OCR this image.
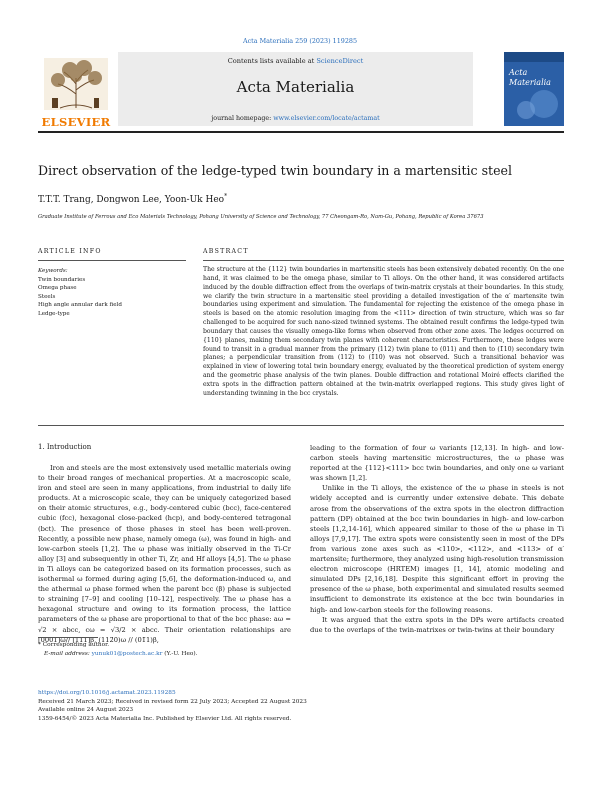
Acta Materialia 259 (2023) 119285
ELSEVIER
Contents lists available at ScienceDirect
Acta Materialia
journal homepage: www.elsevier.com/locate/actamat
Acta
Materialia
Direct observation of the ledge-typed twin boundary in a martensitic steel
T.T.T. Trang, Dongwon Lee, Yoon-Uk Heo*
Graduate Institute of Ferrous and Eco Materials Technology, Pohang University of Science and Technology, 77 Cheongam-Ro, Nam-Gu, Pohang, Republic of Korea 37673
ARTICLE INFO	ABSTRACT
Keywords:
Twin boundaries
Omega phase
Steels
High angle annular dark field
Ledge-type
The structure at the {112} twin boundaries in martensitic steels has been extensively debated recently. On the one hand, it was claimed to be the omega phase, similar to Ti alloys. On the other hand, it was considered artifacts induced by the double diffraction effect from the overlaps of twin-matrix crystals at their boundaries. In this study, we clarify the twin structure in a martensitic steel providing a detailed investigation of the α′ martensite twin boundaries using experiment and simulation. The fundamental for rejecting the existence of the omega phase in steels is based on the atomic resolution imaging from the <111> direction of twin structure, which was so far challenged to be acquired for such nano-sized twinned systems. The obtained result confirms the ledge-typed twin boundary that causes the visually omega-like forms when observed from other zone axes. The ledges occurred on {110} planes, making them secondary twin planes with coherent characteristics. Furthermore, these ledges were found to transit in a gradual manner from the primary (112) twin plane to (011) and then to (1̄10) secondary twin planes; a perpendicular transition from (112) to (1̄10) was not observed. Such a transitional behavior was explained in view of lowering total twin boundary energy, evaluated by the theoretical prediction of system energy and the geometric phase analysis of the twin planes. Double diffraction and rotational Moiré effects clarified the extra spots in the diffraction pattern obtained at the twin-matrix overlapped regions. This study gives light of understanding twinning in the bcc crystals.
1. Introduction

Iron and steels are the most extensively used metallic materials owing to their broad ranges of mechanical properties. At a macroscopic scale, iron and steel are seen in many applications, from industrial to daily life products. At a microscopic scale, they can be uniquely categorized based on their atomic structures, e.g., body-centered cubic (bcc), face-centered cubic (fcc), hexagonal close-packed (hcp), and body-centered tetragonal (bct). The presence of those phases in steel has been well-proven. Recently, a possible new phase, namely omega (ω), was found in high- and low-carbon steels [1,2]. The ω phase was initially observed in the Ti-Cr alloy [3] and subsequently in other Ti, Zr, and Hf alloys [4,5]. The ω phase in Ti alloys can be categorized based on its formation processes, such as isothermal ω formed during aging [5,6], the deformation-induced ω, and the athermal ω phase formed when the parent bcc (β) phase is subjected to straining [7–9] and cooling [10–12], respectively. The ω phase has a hexagonal structure and owing to its formation process, the lattice parameters of the ω phase are proportional to that of the bcc phase: aω = √2 × abcc, cω = √3/2 × abcc. Their orientation relationships are [0001]ω// [111]β, (112̄0)ω // (01̄1)β,

leading to the formation of four ω variants [12,13]. In high- and low-carbon steels having martensitic microstructures, the ω phase was reported at the {112}<111> bcc twin boundaries, and only one ω variant was shown [1,2].

Unlike in the Ti alloys, the existence of the ω phase in steels is not widely accepted and is currently under extensive debate. This debate arose from the observations of the extra spots in the electron diffraction pattern (DP) obtained at the bcc twin boundaries in high- and low-carbon steels [1,2,14-16], which appeared similar to those of the ω phase in Ti alloys [7,9,17]. The extra spots were consistently seen in most of the DPs from various zone axes such as <110>, <112>, and <113> of α′ martensite; furthermore, they analyzed using high-resolution transmission electron microscope (HRTEM) images [1, 14], atomic modeling and simulated DPs [2,16,18]. Despite this significant effort in proving the presence of the ω phase, both experimental and simulated results seemed insufficient to demonstrate its existence at the bcc twin boundaries in high- and low-carbon steels for the following reasons.

It was argued that the extra spots in the DPs were artifacts created due to the overlaps of the twin-matrixes or twin-twins at their boundary

* Corresponding author.
E-mail address: yunuk01@postech.ac.kr (Y.-U. Heo).
https://doi.org/10.1016/j.actamat.2023.119285
Received 21 March 2023; Received in revised form 22 July 2023; Accepted 22 August 2023
Available online 24 August 2023
1359-6454/© 2023 Acta Materialia Inc. Published by Elsevier Ltd. All rights reserved.
